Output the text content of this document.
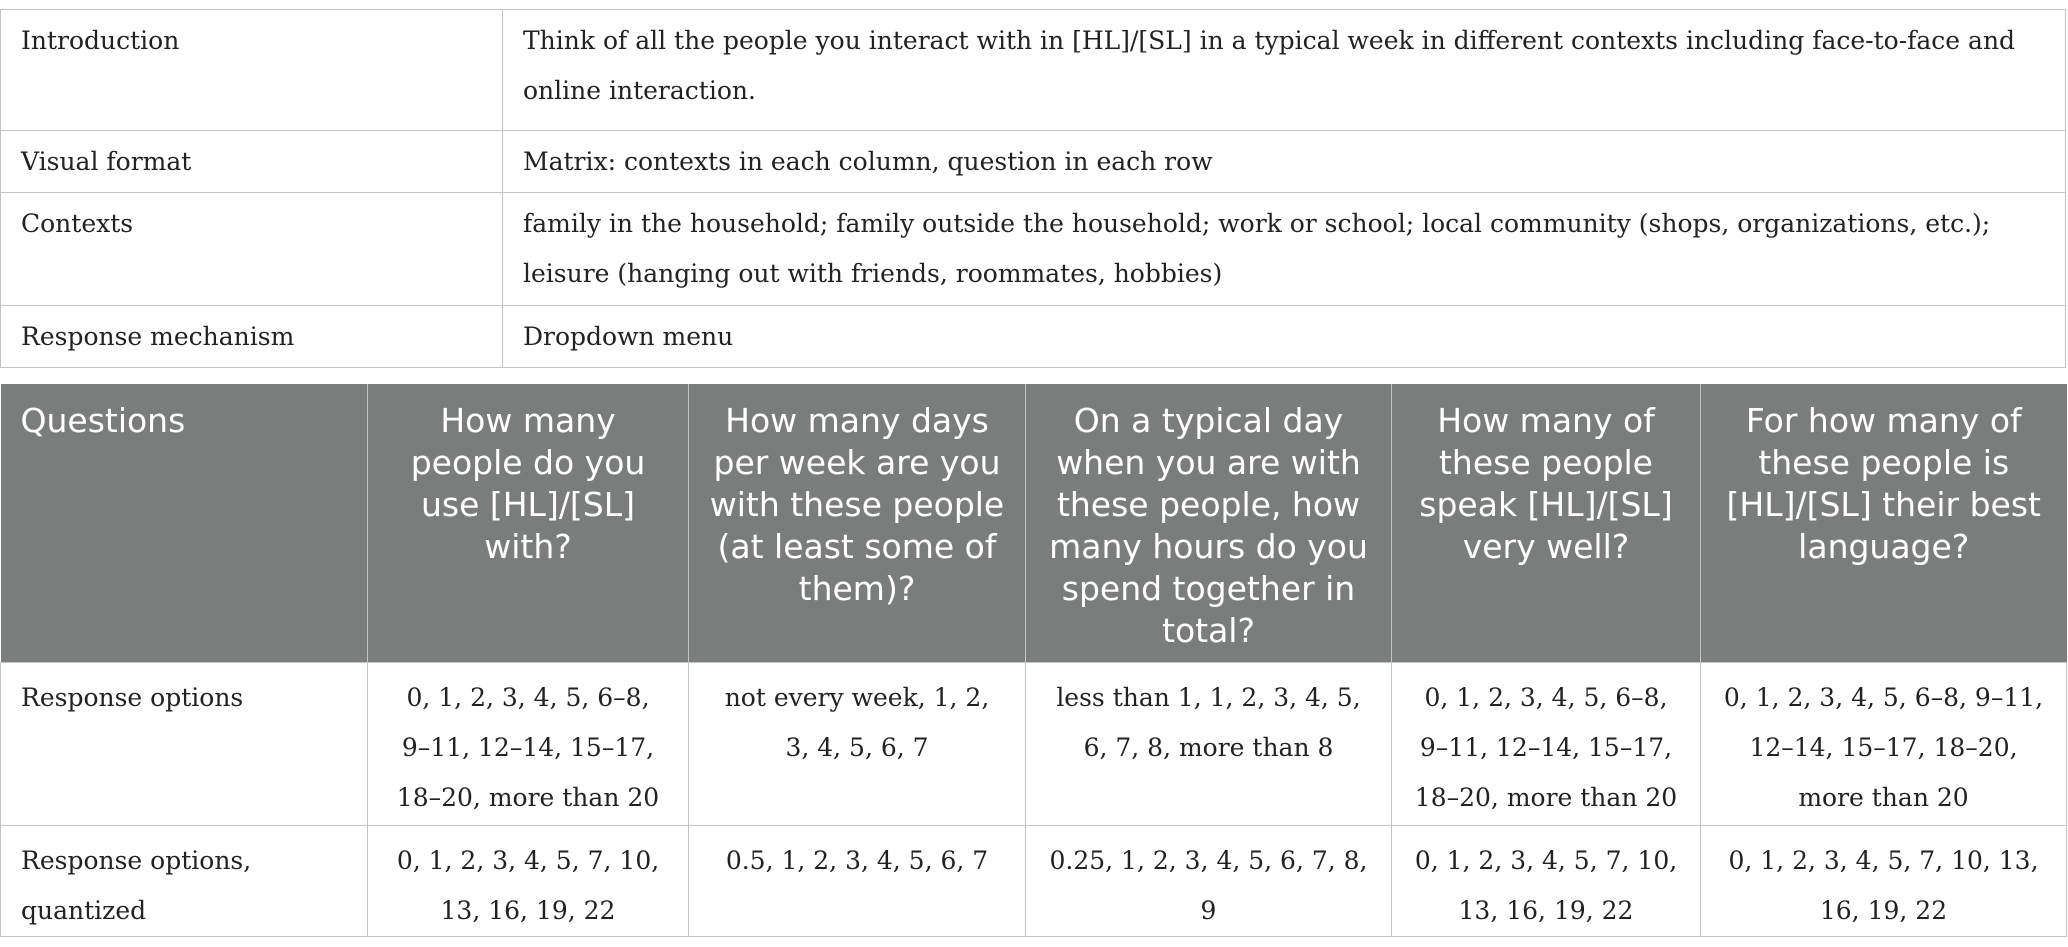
Introduction	Think of all the people you interact with in [HL]/[SL] in a typical week in different contexts including face-to-face and online interaction.
Visual format	Matrix: contexts in each column, question in each row
Contexts	family in the household; family outside the household; work or school; local community (shops, organizations, etc.); leisure (hanging out with friends, roommates, hobbies)
Response mechanism	Dropdown menu
Questions	How many people do you use [HL]/[SL] with?	How many days per week are you with these people (at least some of them)?	On a typical day when you are with these people, how many hours do you spend together in total?	How many of these people speak [HL]/[SL] very well?	For how many of these people is [HL]/[SL] their best language?
Response options	0, 1, 2, 3, 4, 5, 6–8, 9–11, 12–14, 15–17, 18–20, more than 20	not every week, 1, 2, 3, 4, 5, 6, 7	less than 1, 1, 2, 3, 4, 5, 6, 7, 8, more than 8	0, 1, 2, 3, 4, 5, 6–8, 9–11, 12–14, 15–17, 18–20, more than 20	0, 1, 2, 3, 4, 5, 6–8, 9–11, 12–14, 15–17, 18–20, more than 20
Response options, quantized	0, 1, 2, 3, 4, 5, 7, 10, 13, 16, 19, 22	0.5, 1, 2, 3, 4, 5, 6, 7	0.25, 1, 2, 3, 4, 5, 6, 7, 8, 9	0, 1, 2, 3, 4, 5, 7, 10, 13, 16, 19, 22	0, 1, 2, 3, 4, 5, 7, 10, 13, 16, 19, 22
